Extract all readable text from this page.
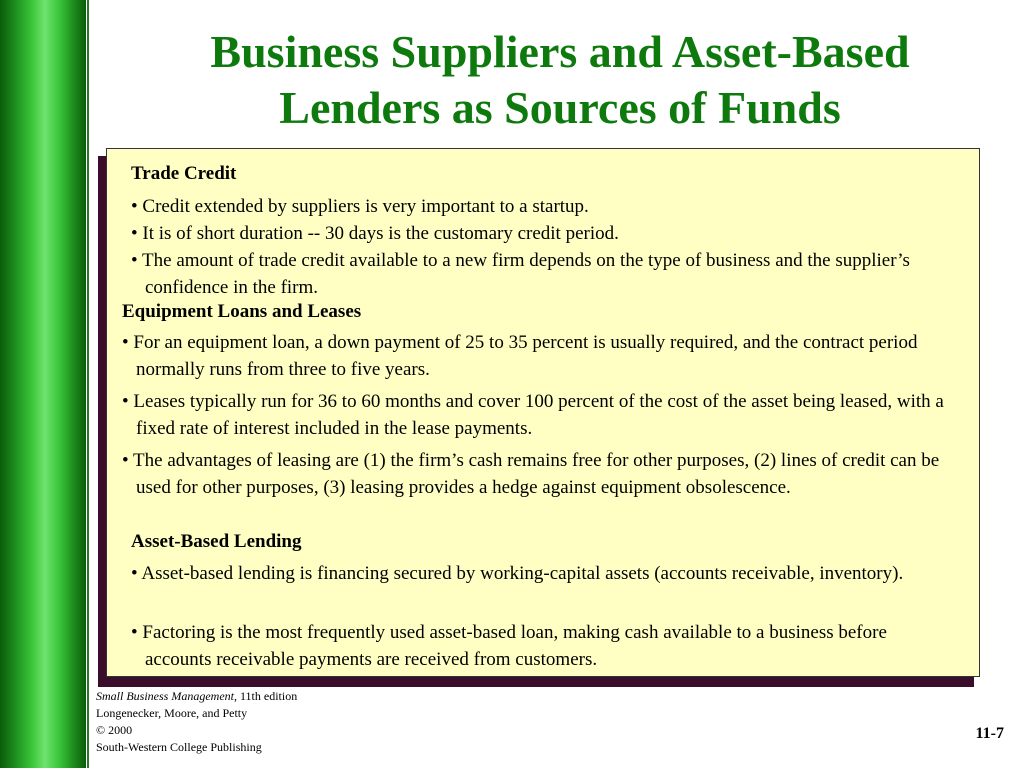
Business Suppliers and Asset-Based
Lenders as Sources of Funds
Trade Credit
• Credit extended by suppliers is very important to a startup.
• It is of short duration -- 30 days is the customary credit period.
• The amount of trade credit available to a new firm depends on the type of business and the supplier’s confidence in the firm.
Equipment Loans and Leases
• For an equipment loan, a down payment of 25 to 35 percent is usually required, and the contract period normally runs from three to five years.
• Leases typically run for 36 to 60 months and cover 100 percent of the cost of the asset being leased, with a fixed rate of interest included in the lease payments.
• The advantages of leasing are (1) the firm’s cash remains free for other purposes, (2) lines of credit can be used for other purposes, (3) leasing provides a hedge against equipment obsolescence.
Asset-Based Lending
• Asset-based lending is financing secured by working-capital assets (accounts receivable, inventory).
• Factoring is the most frequently used asset-based loan, making cash available to a business before accounts receivable payments are received from customers.
Small Business Management, 11th edition
Longenecker, Moore, and Petty
© 2000
South-Western College Publishing
11-7
